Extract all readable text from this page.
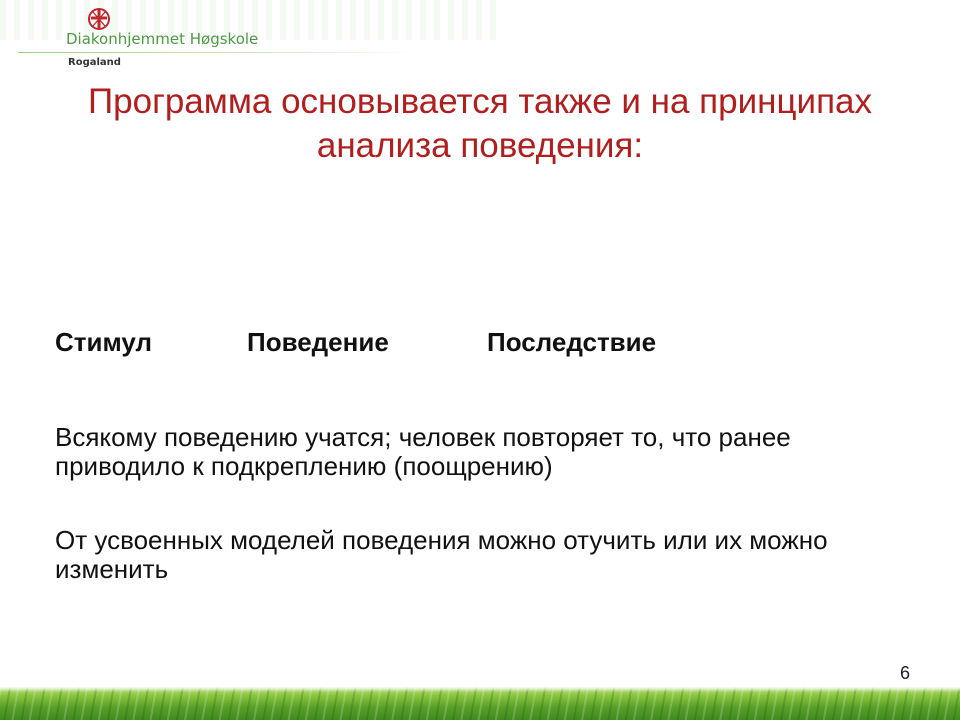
Diakonhjemmet Høgskole
Rogaland
Программа основывается также и на принципах анализа поведения:
Стимул	Поведение	Последствие
Всякому поведению учатся; человек повторяет то, что ранее приводило к подкреплению (поощрению)
От усвоенных моделей поведения можно отучить или их можно изменить
6
